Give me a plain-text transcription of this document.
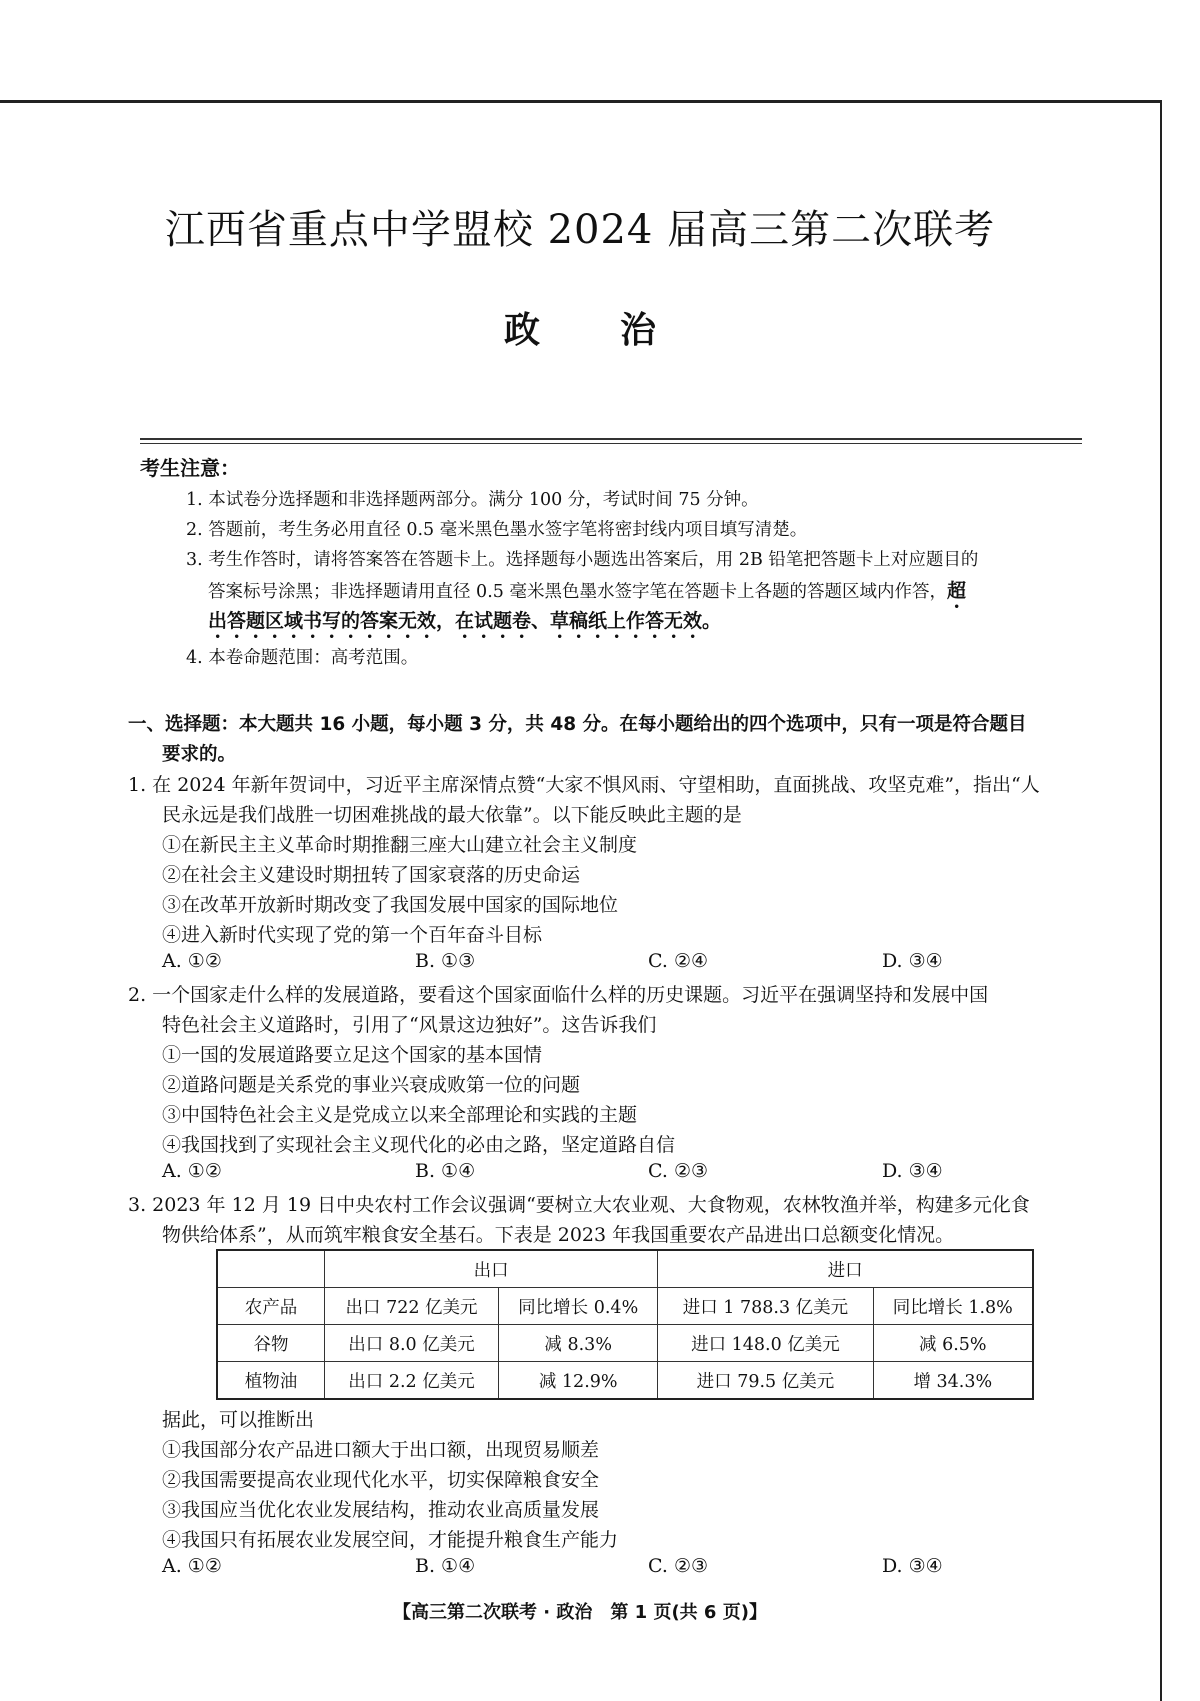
江西省重点中学盟校 2024 届高三第二次联考
政 治
考生注意：
1. 本试卷分选择题和非选择题两部分。满分 100 分，考试时间 75 分钟。
2. 答题前，考生务必用直径 0.5 毫米黑色墨水签字笔将密封线内项目填写清楚。
3. 考生作答时，请将答案答在答题卡上。选择题每小题选出答案后，用 2B 铅笔把答题卡上对应题目的
答案标号涂黑；非选择题请用直径 0.5 毫米黑色墨水签字笔在答题卡上各题的答题区域内作答，超
出答题区域书写的答案无效，在试题卷、草稿纸上作答无效。
4. 本卷命题范围：高考范围。
一、选择题：本大题共 16 小题，每小题 3 分，共 48 分。在每小题给出的四个选项中，只有一项是符合题目
要求的。
1. 在 2024 年新年贺词中，习近平主席深情点赞“大家不惧风雨、守望相助，直面挑战、攻坚克难”，指出“人
民永远是我们战胜一切困难挑战的最大依靠”。以下能反映此主题的是
①在新民主主义革命时期推翻三座大山建立社会主义制度
②在社会主义建设时期扭转了国家衰落的历史命运
③在改革开放新时期改变了我国发展中国家的国际地位
④进入新时代实现了党的第一个百年奋斗目标
A. ①②	B. ①③	C. ②④	D. ③④
2. 一个国家走什么样的发展道路，要看这个国家面临什么样的历史课题。习近平在强调坚持和发展中国
特色社会主义道路时，引用了“风景这边独好”。这告诉我们
①一国的发展道路要立足这个国家的基本国情
②道路问题是关系党的事业兴衰成败第一位的问题
③中国特色社会主义是党成立以来全部理论和实践的主题
④我国找到了实现社会主义现代化的必由之路，坚定道路自信
A. ①②	B. ①④	C. ②③	D. ③④
3. 2023 年 12 月 19 日中央农村工作会议强调“要树立大农业观、大食物观，农林牧渔并举，构建多元化食
物供给体系”，从而筑牢粮食安全基石。下表是 2023 年我国重要农产品进出口总额变化情况。
	出口		进口	
农产品	出口 722 亿美元	同比增长 0.4%	进口 1 788.3 亿美元	同比增长 1.8%
谷物	出口 8.0 亿美元	减 8.3%	进口 148.0 亿美元	减 6.5%
植物油	出口 2.2 亿美元	减 12.9%	进口 79.5 亿美元	增 34.3%
据此，可以推断出
①我国部分农产品进口额大于出口额，出现贸易顺差
②我国需要提高农业现代化水平，切实保障粮食安全
③我国应当优化农业发展结构，推动农业高质量发展
④我国只有拓展农业发展空间，才能提升粮食生产能力
A. ①②	B. ①④	C. ②③	D. ③④
【高三第二次联考 · 政治　第 1 页(共 6 页)】
